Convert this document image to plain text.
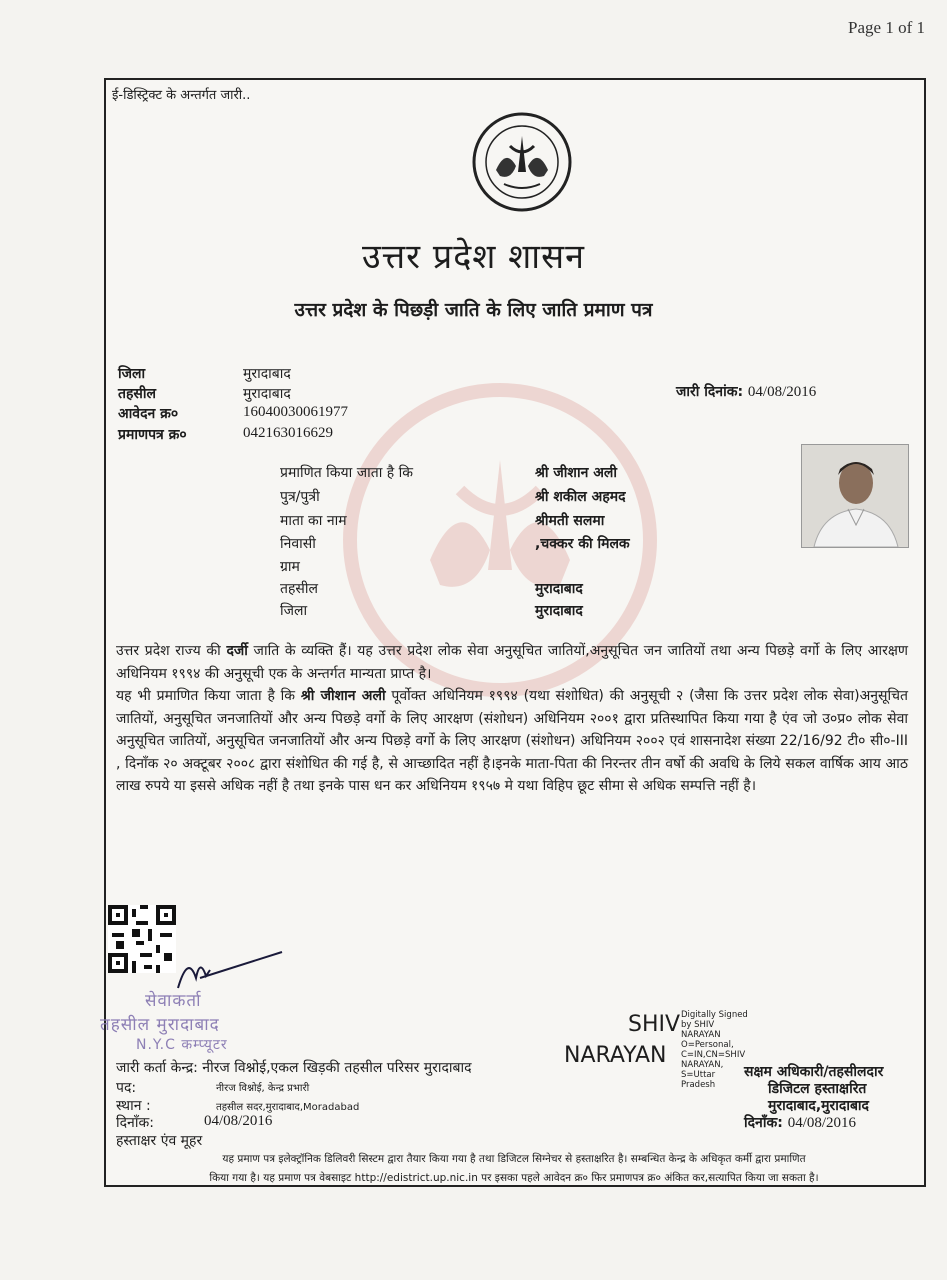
Page 1 of 1
ई-डिस्ट्रिक्ट के अन्तर्गत जारी..
उत्तर प्रदेश शासन
उत्तर प्रदेश के पिछड़ी जाति के लिए जाति प्रमाण पत्र
जिला	मुरादाबाद
तहसील	मुरादाबाद
आवेदन क्र०	16040030061977
प्रमाणपत्र क्र०	042163016629
जारी दिनांक: 04/08/2016
प्रमाणित किया जाता है कि	श्री जीशान अली
पुत्र/पुत्री	श्री शकील अहमद
माता का नाम	श्रीमती सलमा
निवासी	,चक्कर की मिलक
ग्राम
तहसील	मुरादाबाद
जिला	मुरादाबाद
उत्तर प्रदेश राज्य की दर्जी जाति के व्यक्ति हैं। यह उत्तर प्रदेश लोक सेवा अनुसूचित जातियों,अनुसूचित जन जातियों तथा अन्य पिछड़े वर्गो के लिए आरक्षण अधिनियम १९९४ की अनुसूची एक के अन्तर्गत मान्यता प्राप्त है।
यह भी प्रमाणित किया जाता है कि श्री जीशान अली पूर्वोक्त अधिनियम १९९४ (यथा संशोधित) की अनुसूची २ (जैसा कि उत्तर प्रदेश लोक सेवा)अनुसूचित जातियों, अनुसूचित जनजातियों और अन्य पिछड़े वर्गो के लिए आरक्षण (संशोधन) अधिनियम २००१ द्वारा प्रतिस्थापित किया गया है एंव जो उ०प्र० लोक सेवा अनुसूचित जातियों, अनुसूचित जनजातियों और अन्य पिछड़े वर्गो के लिए आरक्षण (संशोधन) अधिनियम २००२ एवं शासनादेश संख्या 22/16/92 टी० सी०-III , दिनाँक २० अक्टूबर २००८ द्वारा संशोधित की गई है, से आच्छादित नहीं है।इनके माता-पिता की निरन्तर तीन वर्षो की अवधि के लिये सकल वार्षिक आय आठ लाख रुपये या इससे अधिक नहीं है तथा इनके पास धन कर अधिनियम १९५७ मे यथा विहिप छूट सीमा से अधिक सम्पत्ति नहीं है।
सेवाकर्ता
तहसील मुरादाबाद
N.Y.C कम्प्यूटर
SHIV
NARAYAN
Digitally Signed by SHIV NARAYAN O=Personal, C=IN,CN=SHIV NARAYAN, S=Uttar Pradesh
जारी कर्ता केन्द्र: नीरज विश्नोई,एकल खिड़की तहसील परिसर मुरादाबाद
पद:	नीरज विश्नोई, केन्द्र प्रभारी
स्थान :	तहसील सदर,मुरादाबाद,Moradabad
दिनाँक:	04/08/2016
हस्ताक्षर एंव मूहर
सक्षम अधिकारी/तहसीलदार
डिजिटल हस्ताक्षरित
मुरादाबाद,मुरादाबाद
दिनाँक: 04/08/2016
यह प्रमाण पत्र इलेक्ट्रॉनिक डिलिवरी सिस्टम द्वारा तैयार किया गया है तथा डिजिटल सिग्नेचर से हस्ताक्षरित है। सम्बन्धित केन्द्र के अधिकृत कर्मी द्वारा प्रमाणित
किया गया है। यह प्रमाण पत्र वेबसाइट http://edistrict.up.nic.in पर इसका पहले आवेदन क्र० फिर प्रमाणपत्र क्र० अंकित कर,सत्यापित किया जा सकता है।
